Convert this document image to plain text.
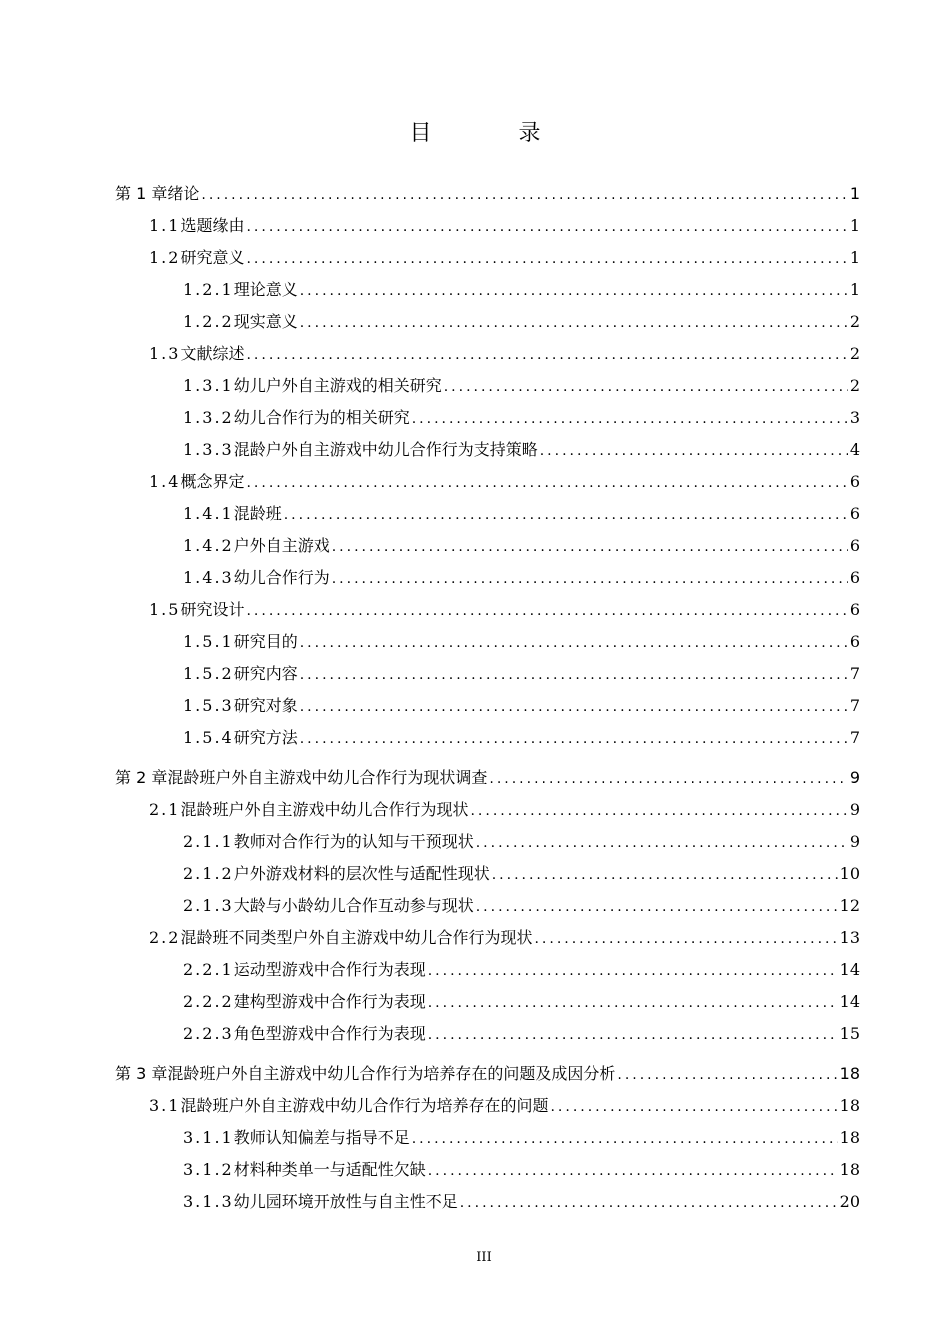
目 录
第 1 章 绪论 .....	1
1.1 选题缘由 .....	1
1.2 研究意义 .....	1
1.2.1 理论意义 .....	1
1.2.2 现实意义 .....	2
1.3 文献综述 .....	2
1.3.1 幼儿户外自主游戏的相关研究 .....	2
1.3.2 幼儿合作行为的相关研究 .....	3
1.3.3 混龄户外自主游戏中幼儿合作行为支持策略 .....	4
1.4 概念界定 .....	6
1.4.1 混龄班 .....	6
1.4.2 户外自主游戏 .....	6
1.4.3 幼儿合作行为 .....	6
1.5 研究设计 .....	6
1.5.1 研究目的 .....	6
1.5.2 研究内容 .....	7
1.5.3 研究对象 .....	7
1.5.4 研究方法 .....	7
第 2 章 混龄班户外自主游戏中幼儿合作行为现状调查 .....	9
2.1 混龄班户外自主游戏中幼儿合作行为现状 .....	9
2.1.1 教师对合作行为的认知与干预现状 .....	9
2.1.2 户外游戏材料的层次性与适配性现状 .....	10
2.1.3 大龄与小龄幼儿合作互动参与现状 .....	12
2.2 混龄班不同类型户外自主游戏中幼儿合作行为现状 .....	13
2.2.1 运动型游戏中合作行为表现 .....	14
2.2.2 建构型游戏中合作行为表现 .....	14
2.2.3 角色型游戏中合作行为表现 .....	15
第 3 章 混龄班户外自主游戏中幼儿合作行为培养存在的问题及成因分析 .....	18
3.1 混龄班户外自主游戏中幼儿合作行为培养存在的问题 .....	18
3.1.1 教师认知偏差与指导不足 .....	18
3.1.2 材料种类单一与适配性欠缺 .....	18
3.1.3 幼儿园环境开放性与自主性不足 .....	20
III
